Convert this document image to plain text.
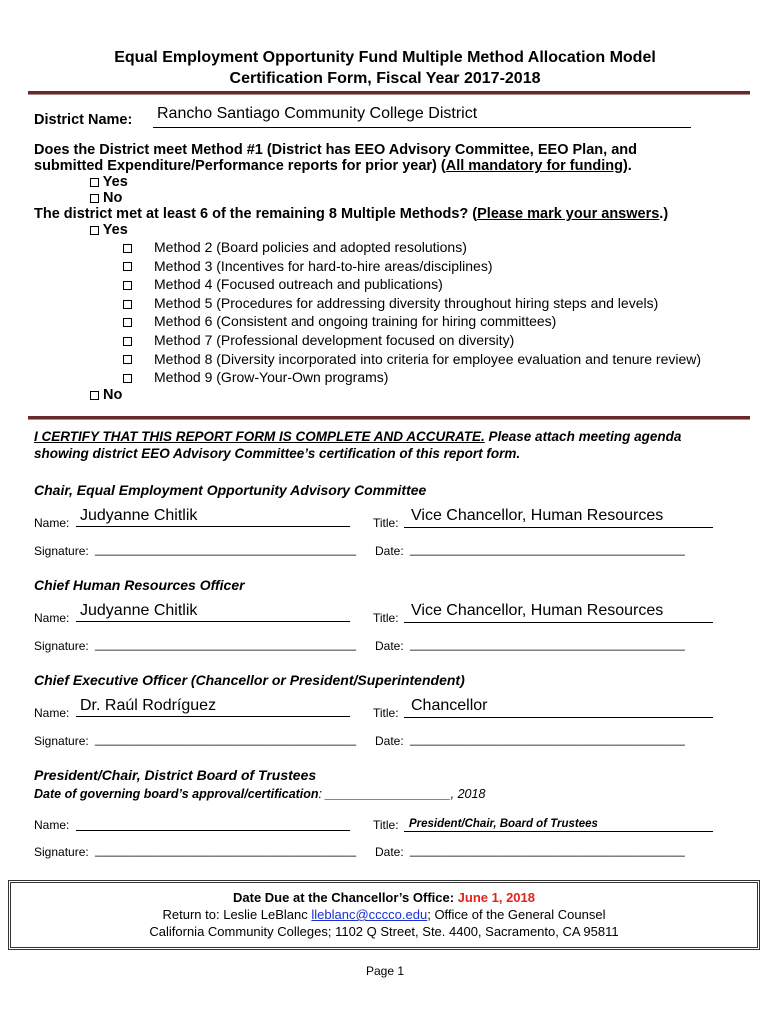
Equal Employment Opportunity Fund Multiple Method Allocation Model
Certification Form, Fiscal Year 2017-2018
District Name: Rancho Santiago Community College District
Does the District meet Method #1 (District has EEO Advisory Committee, EEO Plan, and
submitted Expenditure/Performance reports for prior year) (All mandatory for funding).
Yes
No
The district met at least 6 of the remaining 8 Multiple Methods? (Please mark your answers.)
Yes
Method 2 (Board policies and adopted resolutions)
Method 3 (Incentives for hard-to-hire areas/disciplines)
Method 4 (Focused outreach and publications)
Method 5 (Procedures for addressing diversity throughout hiring steps and levels)
Method 6 (Consistent and ongoing training for hiring committees)
Method 7 (Professional development focused on diversity)
Method 8 (Diversity incorporated into criteria for employee evaluation and tenure review)
Method 9 (Grow-Your-Own programs)
No
I CERTIFY THAT THIS REPORT FORM IS COMPLETE AND ACCURATE. Please attach meeting agenda
showing district EEO Advisory Committee’s certification of this report form.
Chair, Equal Employment Opportunity Advisory Committee
Name: Judyanne Chitlik	Title: Vice Chancellor, Human Resources
Signature: ______________________________________ Date: ________________________________________
Chief Human Resources Officer
Name: Judyanne Chitlik	Title: Vice Chancellor, Human Resources
Signature: ______________________________________ Date: ________________________________________
Chief Executive Officer (Chancellor or President/Superintendent)
Name: Dr. Raúl Rodríguez	Title: Chancellor
Signature: ______________________________________ Date: ________________________________________
President/Chair, District Board of Trustees
Date of governing board’s approval/certification: __________________, 2018
Name:	Title: President/Chair, Board of Trustees
Signature: ______________________________________ Date: ________________________________________
Date Due at the Chancellor’s Office: June 1, 2018
Return to: Leslie LeBlanc lleblanc@cccco.edu; Office of the General Counsel
California Community Colleges; 1102 Q Street, Ste. 4400, Sacramento, CA 95811
Page 1
